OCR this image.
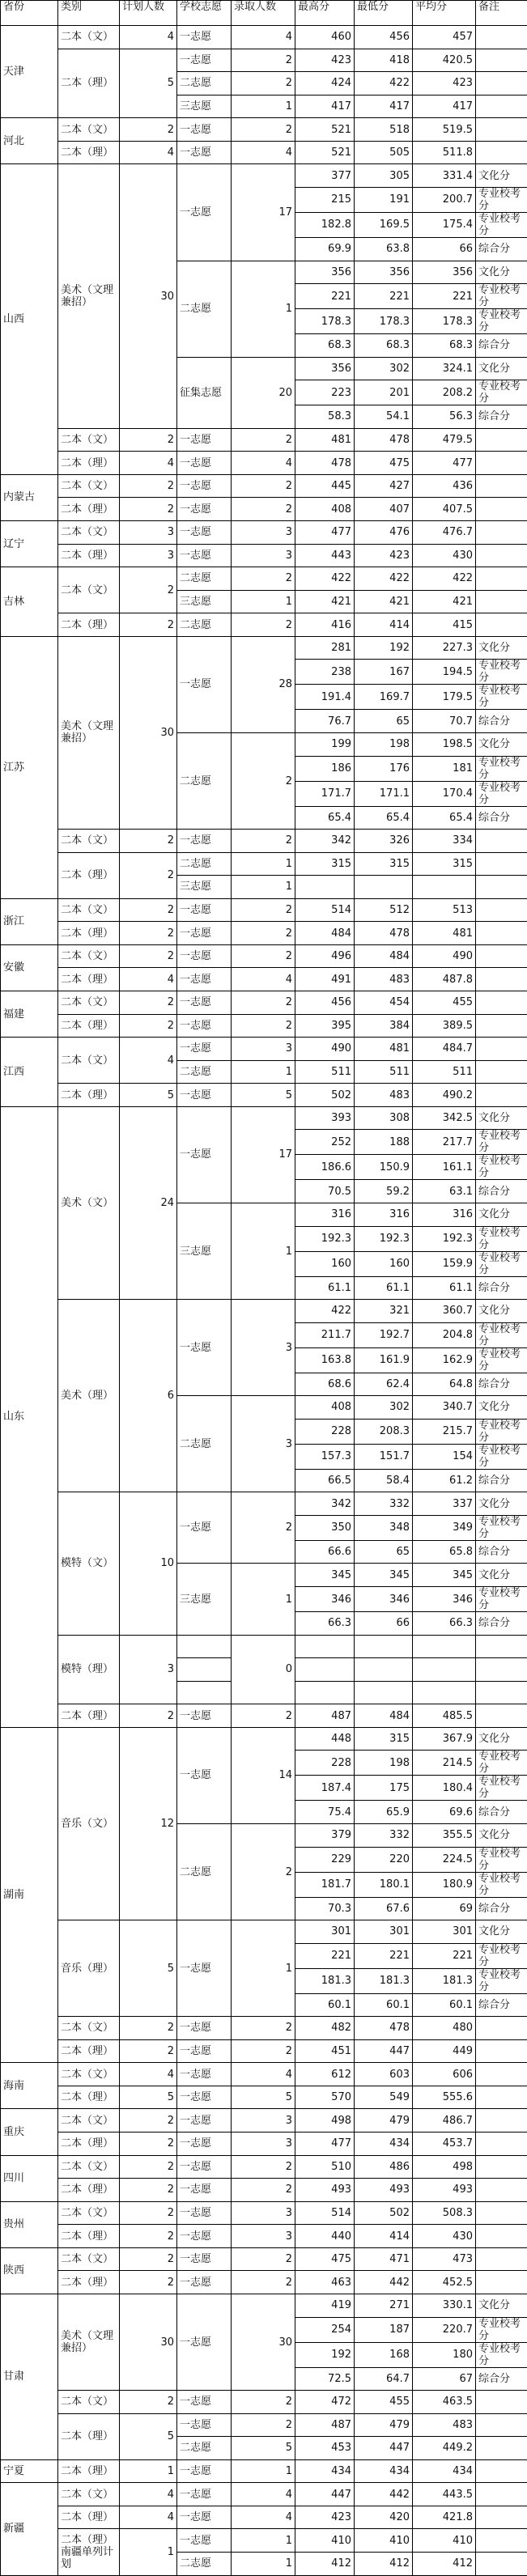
省份	类别	计划人数	学校志愿	录取人数	最高分	最低分	平均分	备注
天津	二本（文）	4	一志愿	4	460	456	457	
	二本（理）	5	一志愿	2	423	418	420.5	
			二志愿	2	424	422	423	
			三志愿	1	417	417	417	
河北	二本（文）	2	一志愿	2	521	518	519.5	
	二本（理）	4	一志愿	4	521	505	511.8	
山西	美术（文理兼招）	30	一志愿	17	377	305	331.4	文化分
					215	191	200.7	专业校考分
					182.8	169.5	175.4	专业校考分
					69.9	63.8	66	综合分
			二志愿	1	356	356	356	文化分
					221	221	221	专业校考分
					178.3	178.3	178.3	专业校考分
					68.3	68.3	68.3	综合分
			征集志愿	20	356	302	324.1	文化分
					223	201	208.2	专业校考分
					58.3	54.1	56.3	综合分
	二本（文）	2	一志愿	2	481	478	479.5	
	二本（理）	4	一志愿	4	478	475	477	
内蒙古	二本（文）	2	一志愿	2	445	427	436	
	二本（理）	2	一志愿	2	408	407	407.5	
辽宁	二本（文）	3	一志愿	3	477	476	476.7	
	二本（理）	3	一志愿	3	443	423	430	
吉林	二本（文）	2	二志愿	2	422	422	422	
			三志愿	1	421	421	421	
	二本（理）	2	二志愿	2	416	414	415	
江苏	美术（文理兼招）	30	一志愿	28	281	192	227.3	文化分
					238	167	194.5	专业校考分
					191.4	169.7	179.5	专业校考分
					76.7	65	70.7	综合分
			二志愿	2	199	198	198.5	文化分
					186	176	181	专业校考分
					171.7	171.1	170.4	专业校考分
					65.4	65.4	65.4	综合分
	二本（文）	2	一志愿	2	342	326	334	
	二本（理）	2	二志愿	1	315	315	315	
			三志愿	1				
浙江	二本（文）	2	一志愿	2	514	512	513	
	二本（理）	2	一志愿	2	484	478	481	
安徽	二本（文）	2	一志愿	2	496	484	490	
	二本（理）	4	一志愿	4	491	483	487.8	
福建	二本（文）	2	一志愿	2	456	454	455	
	二本（理）	2	一志愿	2	395	384	389.5	
江西	二本（文）	4	一志愿	3	490	481	484.7	
			二志愿	1	511	511	511	
	二本（理）	5	一志愿	5	502	483	490.2	
山东	美术（文）	24	一志愿	17	393	308	342.5	文化分
					252	188	217.7	专业校考分
					186.6	150.9	161.1	专业校考分
					70.5	59.2	63.1	综合分
			三志愿	1	316	316	316	文化分
					192.3	192.3	192.3	专业校考分
					160	160	159.9	专业校考分
					61.1	61.1	61.1	综合分
	美术（理）	6	一志愿	3	422	321	360.7	文化分
					211.7	192.7	204.8	专业校考分
					163.8	161.9	162.9	专业校考分
					68.6	62.4	64.8	综合分
			二志愿	3	408	302	340.7	文化分
					228	208.3	215.7	专业校考分
					157.3	151.7	154	专业校考分
					66.5	58.4	61.2	综合分
	模特（文）	10	一志愿	2	342	332	337	文化分
					350	348	349	专业校考分
					66.6	65	65.8	综合分
			三志愿	1	345	345	345	文化分
					346	346	346	专业校考分
					66.3	66	66.3	综合分
	模特（理）	3		0				

	二本（理）	2	一志愿	2	487	484	485.5	
湖南	音乐（文）	12	一志愿	14	448	315	367.9	文化分
					228	198	214.5	专业校考分
					187.4	175	180.4	专业校考分
					75.4	65.9	69.6	综合分
			二志愿	2	379	332	355.5	文化分
					229	220	224.5	专业校考分
					181.7	180.1	180.9	专业校考分
					70.3	67.6	69	综合分
	音乐（理）	5	一志愿	1	301	301	301	文化分
					221	221	221	专业校考分
					181.3	181.3	181.3	专业校考分
					60.1	60.1	60.1	综合分
	二本（文）	2	一志愿	2	482	478	480	
	二本（理）	2	一志愿	2	451	447	449	
海南	二本（文）	4	一志愿	4	612	603	606	
	二本（理）	5	一志愿	5	570	549	555.6	
重庆	二本（文）	2	一志愿	3	498	479	486.7	
	二本（理）	2	一志愿	3	477	434	453.7	
四川	二本（文）	2	一志愿	2	510	486	498	
	二本（理）	2	一志愿	2	493	493	493	
贵州	二本（文）	2	一志愿	3	514	502	508.3	
	二本（理）	2	一志愿	3	440	414	430	
陕西	二本（文）	2	一志愿	2	475	471	473	
	二本（理）	2	一志愿	2	463	442	452.5	
甘肃	美术（文理兼招）	30	一志愿	30	419	271	330.1	文化分
					254	187	220.7	专业校考分
					192	168	180	专业校考分
					72.5	64.7	67	综合分
	二本（文）	2	一志愿	2	472	455	463.5	
	二本（理）	5	一志愿	2	487	479	483	
			二志愿	5	453	447	449.2	
宁夏	二本（理）	1	一志愿	1	434	434	434	
新疆	二本（文）	4	一志愿	4	447	442	443.5	
	二本（理）	4	一志愿	4	423	420	421.8	
	二本（理）南疆单列计划	1	一志愿	1	410	410	410	
			二志愿	1	412	412	412	
